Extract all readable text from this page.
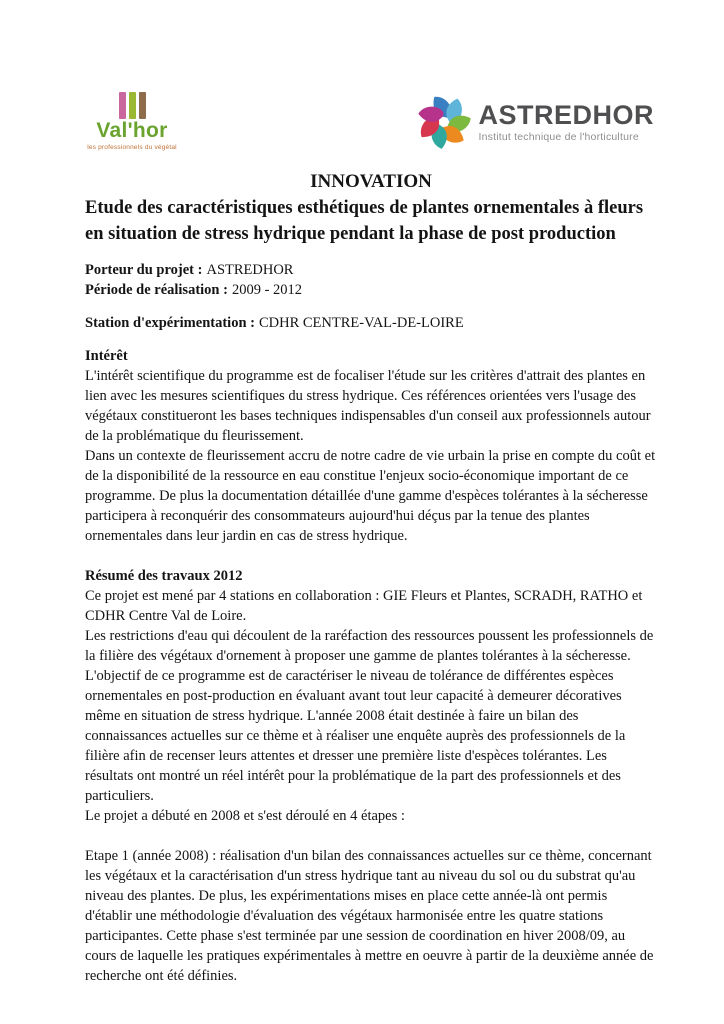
Val'hor
les professionnels du végétal
ASTREDHOR
Institut technique de l'horticulture

INNOVATION

Etude des caractéristiques esthétiques de plantes ornementales à fleurs en situation de stress hydrique pendant la phase de post production

Porteur du projet : ASTREDHOR

Période de réalisation : 2009 - 2012

Station d'expérimentation : CDHR CENTRE-VAL-DE-LOIRE

Intérêt

L'intérêt scientifique du programme est de focaliser l'étude sur les critères d'attrait des plantes en lien avec les mesures scientifiques du stress hydrique. Ces références orientées vers l'usage des végétaux constitueront les bases techniques indispensables d'un conseil aux professionnels autour de la problématique du fleurissement.

Dans un contexte de fleurissement accru de notre cadre de vie urbain la prise en compte du coût et de la disponibilité de la ressource en eau constitue l'enjeux socio-économique important de ce programme. De plus la documentation détaillée d'une gamme d'espèces tolérantes à la sécheresse participera à reconquérir des consommateurs aujourd'hui déçus par la tenue des plantes ornementales dans leur jardin en cas de stress hydrique.

Résumé des travaux 2012

Ce projet est mené par 4 stations en collaboration : GIE Fleurs et Plantes, SCRADH, RATHO et CDHR Centre Val de Loire.

Les restrictions d'eau qui découlent de la raréfaction des ressources poussent les professionnels de la filière des végétaux d'ornement à proposer une gamme de plantes tolérantes à la sécheresse. L'objectif de ce programme est de caractériser le niveau de tolérance de différentes espèces ornementales en post-production en évaluant avant tout leur capacité à demeurer décoratives même en situation de stress hydrique. L'année 2008 était destinée à faire un bilan des connaissances actuelles sur ce thème et à réaliser une enquête auprès des professionnels de la filière afin de recenser leurs attentes et dresser une première liste d'espèces tolérantes. Les résultats ont montré un réel intérêt pour la problématique de la part des professionnels et des particuliers.

Le projet a débuté en 2008 et s'est déroulé en 4 étapes :

Etape 1 (année 2008) : réalisation d'un bilan des connaissances actuelles sur ce thème, concernant les végétaux et la caractérisation d'un stress hydrique tant au niveau du sol ou du substrat qu'au niveau des plantes. De plus, les expérimentations mises en place cette année-là ont permis d'établir une méthodologie d'évaluation des végétaux harmonisée entre les quatre stations participantes. Cette phase s'est terminée par une session de coordination en hiver 2008/09, au cours de laquelle les pratiques expérimentales à mettre en oeuvre à partir de la deuxième année de recherche ont été définies.
